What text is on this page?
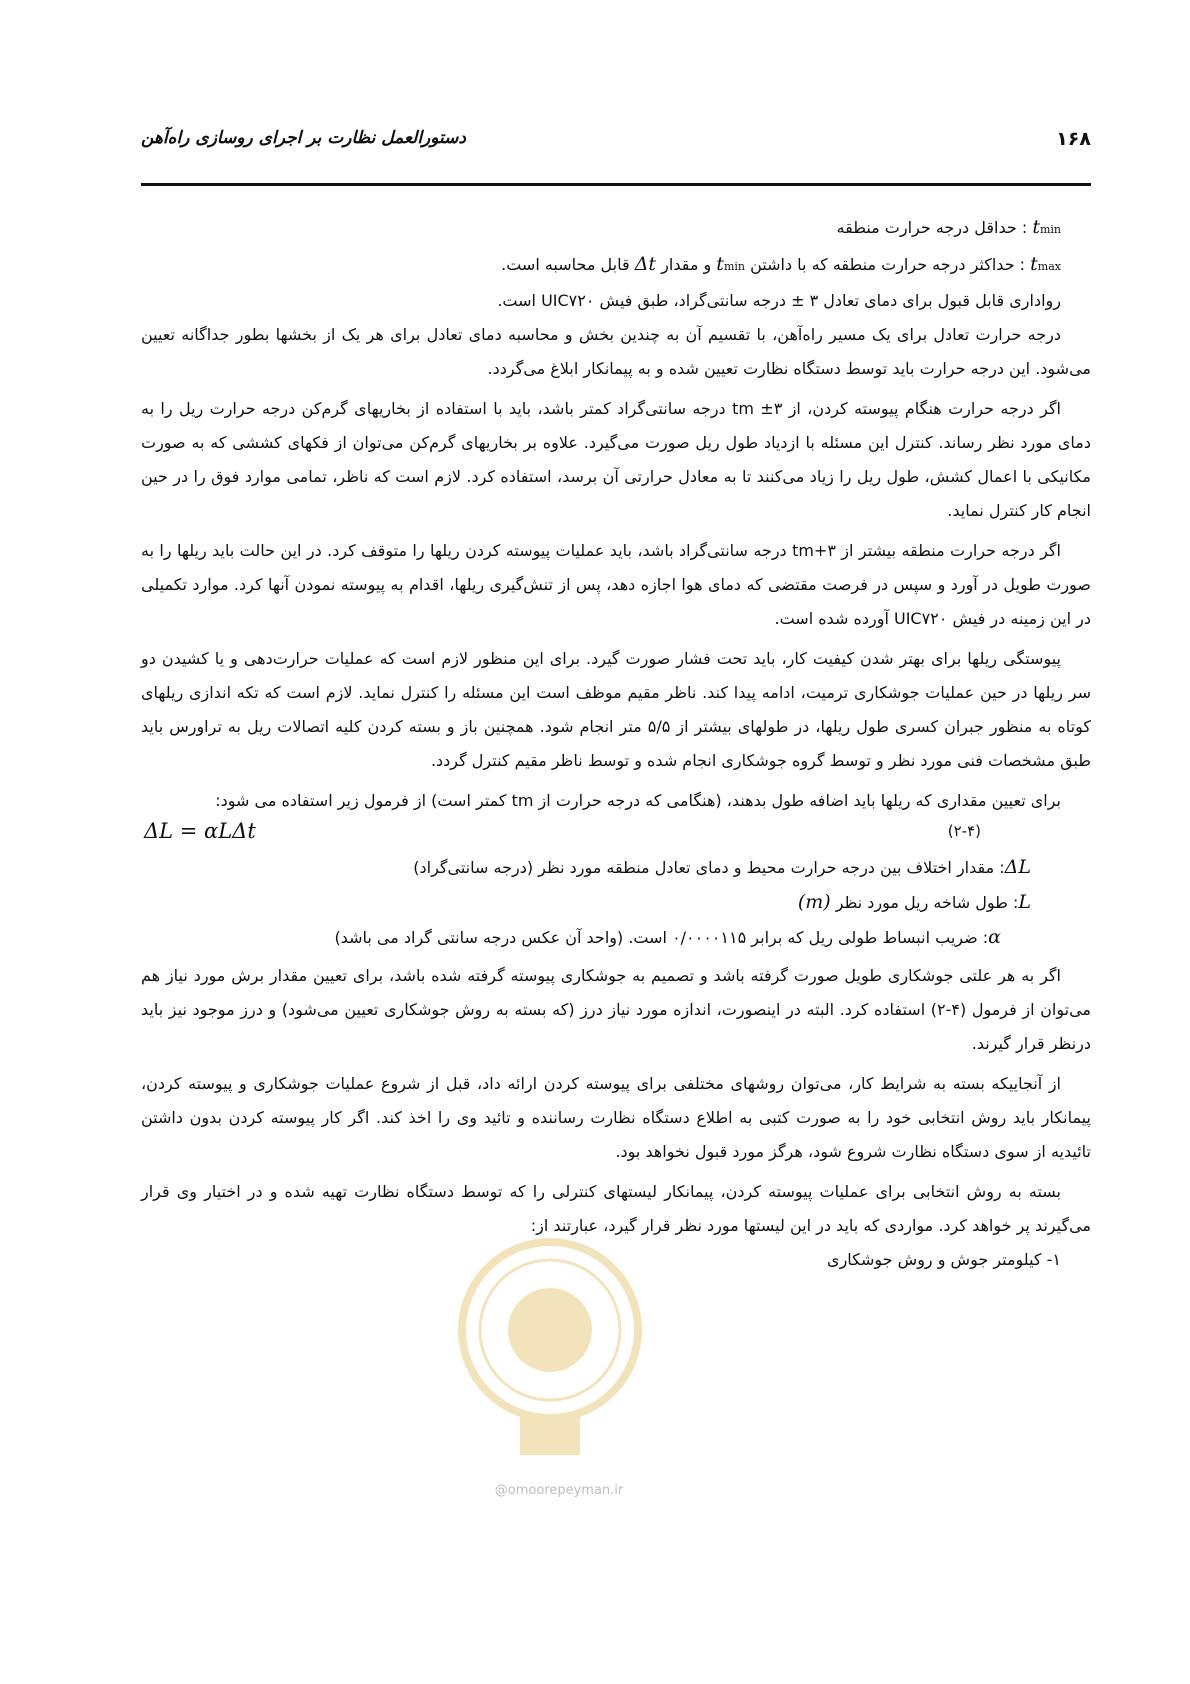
۱۶۸
دستورالعمل نظارت بر اجرای روسازی راه‌آهن
tmin : حداقل درجه حرارت منطقه
tmax : حداکثر درجه حرارت منطقه که با داشتن tmin و مقدار Δt قابل محاسبه است.
رواداری قابل قبول برای دمای تعادل ۳ ± درجه سانتی‌گراد، طبق فیش UIC۷۲۰ است.

درجه حرارت تعادل برای یک مسیر راه‌آهن، با تقسیم آن به چندین بخش و محاسبه دمای تعادل برای هر یک از بخشها بطور جداگانه تعیین می‌شود. این درجه حرارت باید توسط دستگاه نظارت تعیین شده و به پیمانکار ابلاغ می‌گردد.

اگر درجه حرارت هنگام پیوسته کردن، از tm ±۳ درجه سانتی‌گراد کمتر باشد، باید با استفاده از بخاریهای گرم‌کن درجه حرارت ریل را به دمای مورد نظر رساند. کنترل این مسئله با ازدیاد طول ریل صورت می‌گیرد. علاوه بر بخاریهای گرم‌کن می‌توان از فکهای کششی که به صورت مکانیکی با اعمال کشش، طول ریل را زیاد می‌کنند تا به معادل حرارتی آن برسد، استفاده کرد. لازم است که ناظر، تمامی موارد فوق را در حین انجام کار کنترل نماید.

اگر درجه حرارت منطقه بیشتر از tm+۳ درجه سانتی‌گراد باشد، باید عملیات پیوسته کردن ریلها را متوقف کرد. در این حالت باید ریلها را به صورت طویل در آورد و سپس در فرصت مقتضی که دمای هوا اجازه دهد، پس از تنش‌گیری ریلها، اقدام به پیوسته نمودن آنها کرد. موارد تکمیلی در این زمینه در فیش UIC۷۲۰ آورده شده است.

پیوستگی ریلها برای بهتر شدن کیفیت کار، باید تحت فشار صورت گیرد. برای این منظور لازم است که عملیات حرارت‌دهی و یا کشیدن دو سر ریلها در حین عملیات جوشکاری ترمیت، ادامه پیدا کند. ناظر مقیم موظف است این مسئله را کنترل نماید. لازم است که تکه اندازی ریلهای کوتاه به منظور جبران کسری طول ریلها، در طولهای بیشتر از ۵/۵ متر انجام شود. همچنین باز و بسته کردن کلیه اتصالات ریل به تراورس باید طبق مشخصات فنی مورد نظر و توسط گروه جوشکاری انجام شده و توسط ناظر مقیم کنترل گردد.

برای تعیین مقداری که ریلها باید اضافه طول بدهند، (هنگامی که درجه حرارت از tm کمتر است) از فرمول زیر استفاده می شود:

ΔL = αLΔt	(۲-۴)
ΔL: مقدار اختلاف بین درجه حرارت محیط و دمای تعادل منطقه مورد نظر (درجه سانتی‌گراد)
L: طول شاخه ریل مورد نظر (m)
α: ضریب انبساط طولی ریل که برابر ۰/۰۰۰۰۱۱۵ است. (واحد آن عکس درجه سانتی گراد می باشد)

اگر به هر علتی جوشکاری طویل صورت گرفته باشد و تصمیم به جوشکاری پیوسته گرفته شده باشد، برای تعیین مقدار برش مورد نیاز هم می‌توان از فرمول (۴-۲) استفاده کرد. البته در اینصورت، اندازه مورد نیاز درز (که بسته به روش جوشکاری تعیین می‌شود) و درز موجود نیز باید درنظر قرار گیرند.

از آنجاییکه بسته به شرایط کار، می‌توان روشهای مختلفی برای پیوسته کردن ارائه داد، قبل از شروع عملیات جوشکاری و پیوسته کردن، پیمانکار باید روش انتخابی خود را به صورت کتبی به اطلاع دستگاه نظارت رساننده و تائید وی را اخذ کند. اگر کار پیوسته کردن بدون داشتن تائیدیه از سوی دستگاه نظارت شروع شود، هرگز مورد قبول نخواهد بود.

بسته به روش انتخابی برای عملیات پیوسته کردن، پیمانکار لیستهای کنترلی را که توسط دستگاه نظارت تهیه شده و در اختیار وی قرار می‌گیرند پر خواهد کرد. مواردی که باید در این لیستها مورد نظر قرار گیرد، عبارتند از:

۱- کیلومتر جوش و روش جوشکاری
@omoorepeyman.ir
